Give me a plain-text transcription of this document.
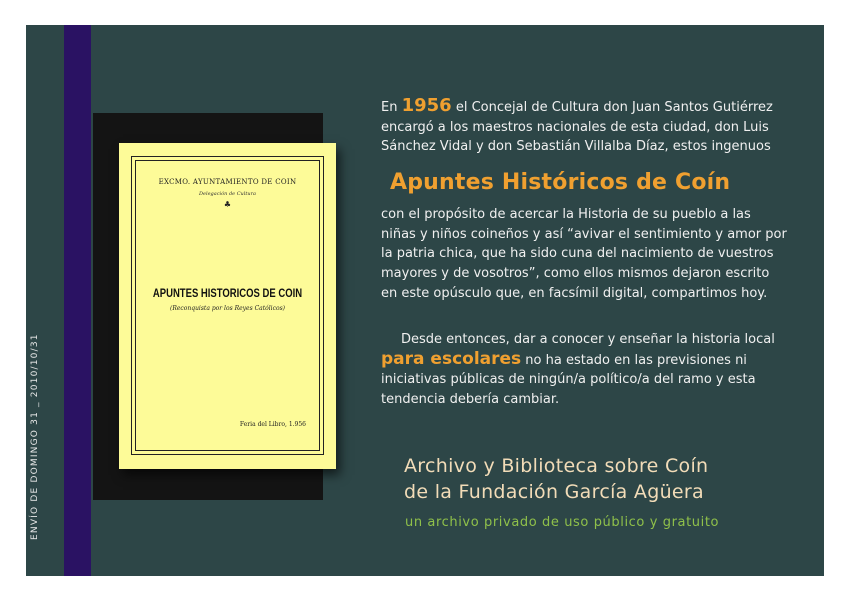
ENVÍO DE DOMINGO 31 _ 2010/10/31
EXCMO. AYUNTAMIENTO DE COIN
Delegación de Cultura
♣
APUNTES HISTORICOS DE COIN
(Reconquista por los Reyes Católicos)
Feria del Libro, 1.956

En 1956 el Concejal de Cultura don Juan Santos Gutiérrez

encargó a los maestros nacionales de esta ciudad, don Luis

Sánchez Vidal y don Sebastián Villalba Díaz, estos ingenuos

Apuntes Históricos de Coín

con el propósito de acercar la Historia de su pueblo a las

niñas y niños coineños y así “avivar el sentimiento y amor por

la patria chica, que ha sido cuna del nacimiento de vuestros

mayores y de vosotros”, como ellos mismos dejaron escrito

en este opúsculo que, en facsímil digital, compartimos hoy.

Desde entonces, dar a conocer y enseñar la historia local

para escolares no ha estado en las previsiones ni

iniciativas públicas de ningún/a político/a del ramo y esta

tendencia debería cambiar.

Archivo y Biblioteca sobre Coín
de la Fundación García Agüera
un archivo privado de uso público y gratuito
